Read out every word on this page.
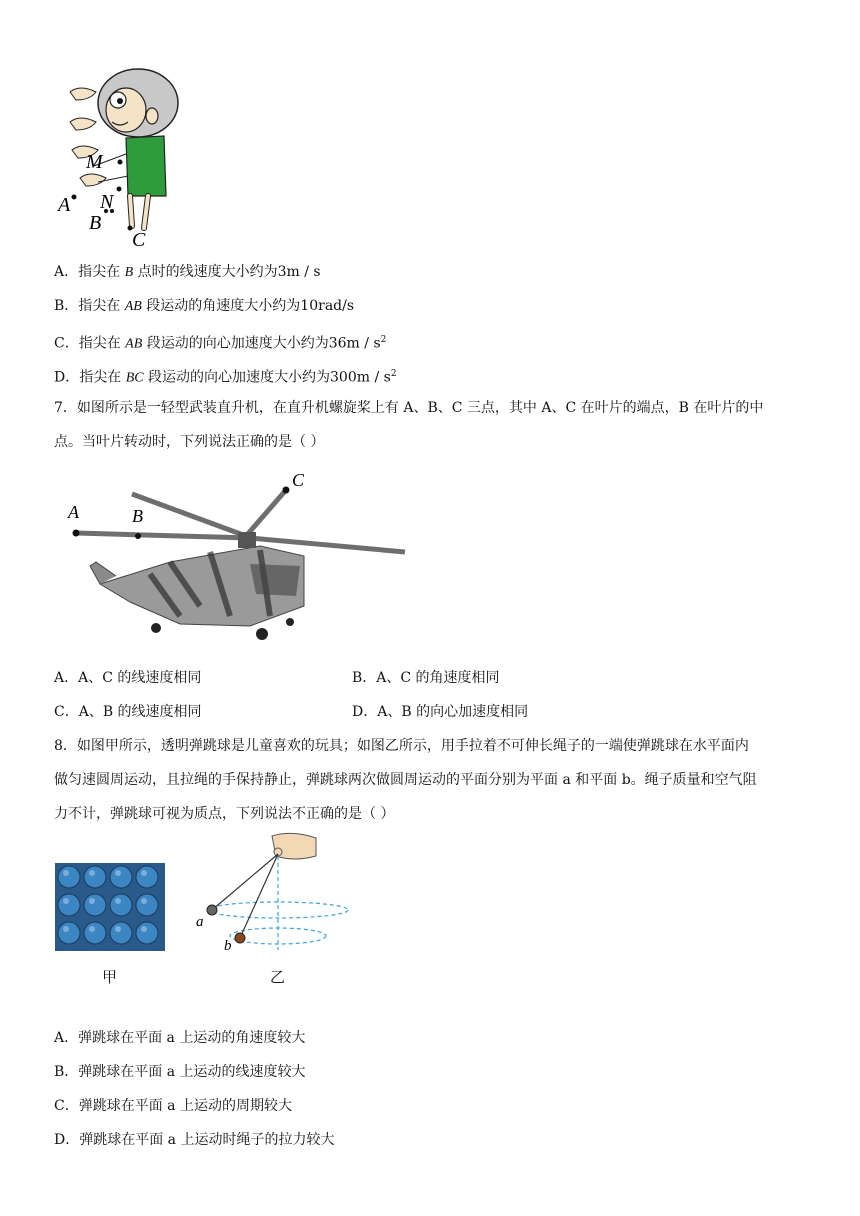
M
N
A
B
C
A．指尖在 B 点时的线速度大小约为3m / s
B．指尖在 AB 段运动的角速度大小约为10rad/s
C．指尖在 AB 段运动的向心加速度大小约为$36m / s^2$
D．指尖在 BC 段运动的向心加速度大小约为$300m / s^2$
7．如图所示是一轻型武装直升机，在直升机螺旋桨上有 A、B、C 三点，其中 A、C 在叶片的端点，B 在叶片的中
点。当叶片转动时，下列说法正确的是（ ）
A	B
C
A．A、C 的线速度相同	B．A、C 的角速度相同
C．A、B 的线速度相同	D．A、B 的向心加速度相同
8．如图甲所示，透明弹跳球是儿童喜欢的玩具；如图乙所示，用手拉着不可伸长绳子的一端使弹跳球在水平面内
做匀速圆周运动，且拉绳的手保持静止，弹跳球两次做圆周运动的平面分别为平面 a 和平面 b。绳子质量和空气阻
力不计，弹跳球可视为质点，下列说法不正确的是（ ）
甲
a
b
乙
A．弹跳球在平面 a 上运动的角速度较大
B．弹跳球在平面 a 上运动的线速度较大
C．弹跳球在平面 a 上运动的周期较大
D．弹跳球在平面 a 上运动时绳子的拉力较大
